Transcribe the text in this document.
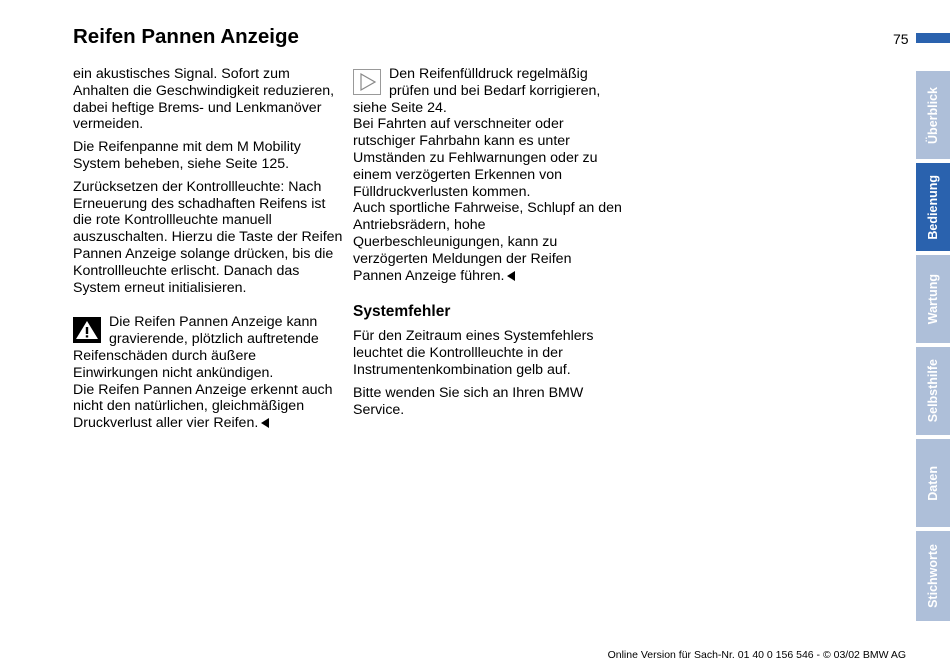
Reifen Pannen Anzeige	75

ein akustisches Signal. Sofort zum Anhalten die Geschwindigkeit reduzieren, dabei heftige Brems- und Lenkmanöver vermeiden.

Die Reifenpanne mit dem M Mobility System beheben, siehe Seite 125.

Zurücksetzen der Kontrollleuchte: Nach Erneuerung des schadhaften Reifens ist die rote Kontrollleuchte manuell auszuschalten. Hierzu die Taste der Reifen Pannen Anzeige solange drücken, bis die Kontrollleuchte erlischt. Danach das System erneut initialisieren.

Die Reifen Pannen Anzeige kann gravierende, plötzlich auftretende
Reifenschäden durch äußere Einwirkungen nicht ankündigen.
Die Reifen Pannen Anzeige erkennt auch nicht den natürlichen, gleichmäßigen Druckverlust aller vier Reifen.
Den Reifenfülldruck regelmäßig prüfen und bei Bedarf korrigieren,
siehe Seite 24.
Bei Fahrten auf verschneiter oder rutschiger Fahrbahn kann es unter Umständen zu Fehlwarnungen oder zu einem verzögerten Erkennen von Fülldruckverlusten kommen.
Auch sportliche Fahrweise, Schlupf an den Antriebsrädern, hohe Querbeschleunigungen, kann zu verzögerten Meldungen der Reifen Pannen Anzeige führen.
Systemfehler

Für den Zeitraum eines Systemfehlers leuchtet die Kontrollleuchte in der Instrumentenkombination gelb auf.

Bitte wenden Sie sich an Ihren BMW Service.

Überblick
Bedienung
Wartung
Selbsthilfe
Daten
Stichworte
Online Version für Sach-Nr. 01 40 0 156 546 - © 03/02 BMW AG
